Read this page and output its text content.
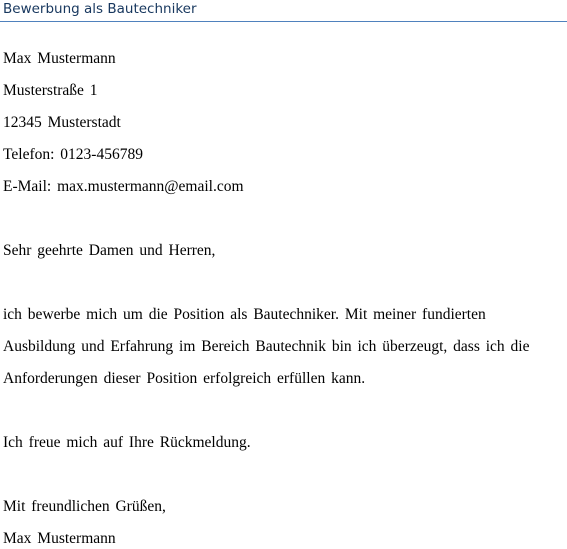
Bewerbung als Bautechniker
Max Mustermann
Musterstraße 1
12345 Musterstadt
Telefon: 0123-456789
E-Mail: max.mustermann@email.com
Sehr geehrte Damen und Herren,
ich bewerbe mich um die Position als Bautechniker. Mit meiner fundierten
Ausbildung und Erfahrung im Bereich Bautechnik bin ich überzeugt, dass ich die
Anforderungen dieser Position erfolgreich erfüllen kann.
Ich freue mich auf Ihre Rückmeldung.
Mit freundlichen Grüßen,
Max Mustermann
